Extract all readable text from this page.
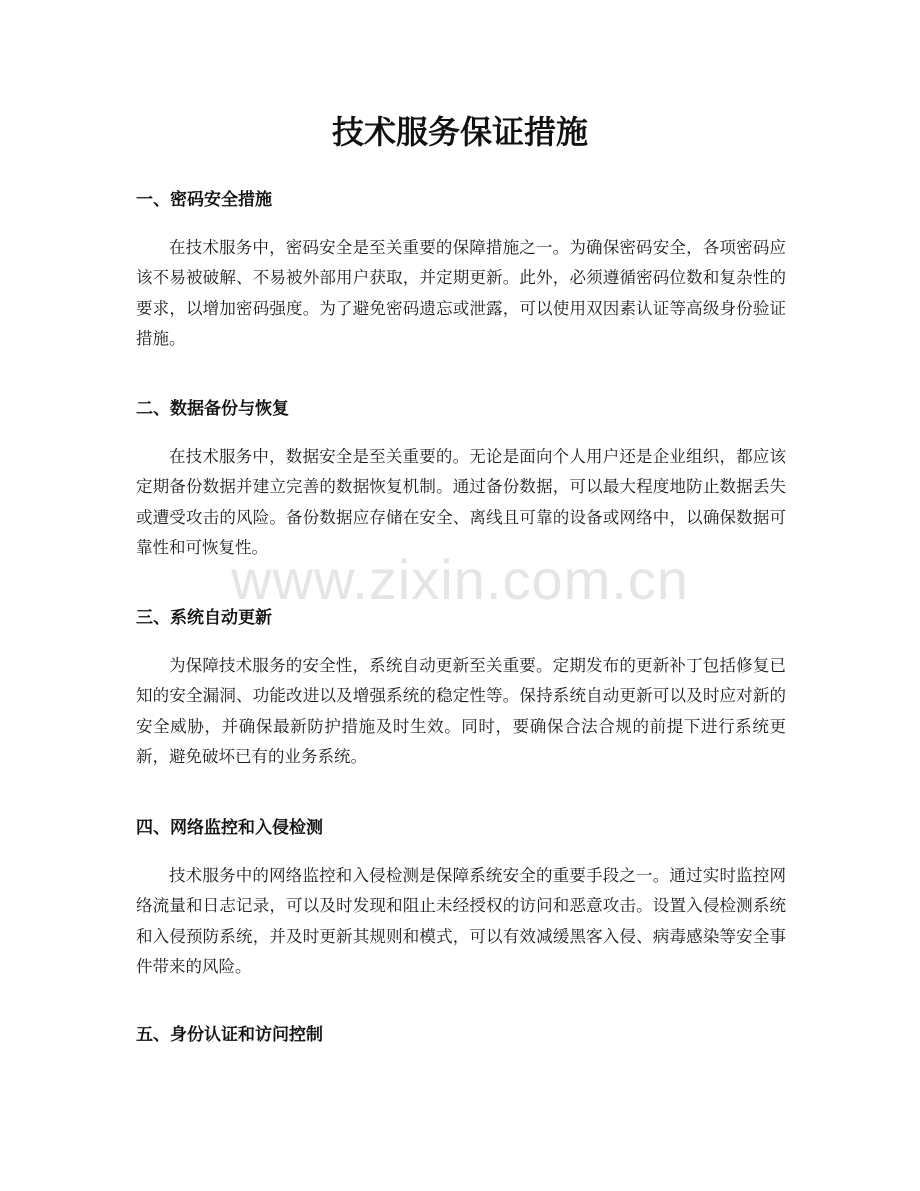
技术服务保证措施
一、密码安全措施

在技术服务中，密码安全是至关重要的保障措施之一。为确保密码安全，各项密码应该不易被破解、不易被外部用户获取，并定期更新。此外，必须遵循密码位数和复杂性的要求，以增加密码强度。为了避免密码遗忘或泄露，可以使用双因素认证等高级身份验证措施。

二、数据备份与恢复

在技术服务中，数据安全是至关重要的。无论是面向个人用户还是企业组织，都应该定期备份数据并建立完善的数据恢复机制。通过备份数据，可以最大程度地防止数据丢失或遭受攻击的风险。备份数据应存储在安全、离线且可靠的设备或网络中，以确保数据可靠性和可恢复性。

三、系统自动更新

为保障技术服务的安全性，系统自动更新至关重要。定期发布的更新补丁包括修复已知的安全漏洞、功能改进以及增强系统的稳定性等。保持系统自动更新可以及时应对新的安全威胁，并确保最新防护措施及时生效。同时，要确保合法合规的前提下进行系统更新，避免破坏已有的业务系统。

四、网络监控和入侵检测

技术服务中的网络监控和入侵检测是保障系统安全的重要手段之一。通过实时监控网络流量和日志记录，可以及时发现和阻止未经授权的访问和恶意攻击。设置入侵检测系统和入侵预防系统，并及时更新其规则和模式，可以有效减缓黑客入侵、病毒感染等安全事件带来的风险。

五、身份认证和访问控制
www.zixin.com.cn
